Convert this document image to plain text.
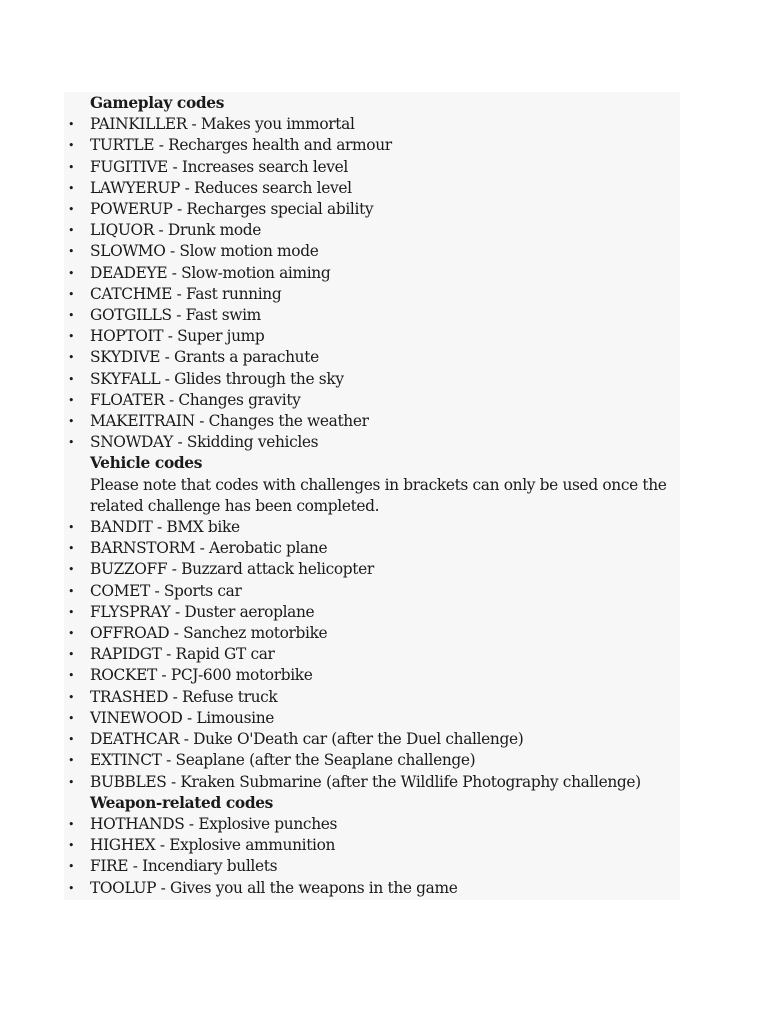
Gameplay codes
• PAINKILLER - Makes you immortal
• TURTLE - Recharges health and armour
• FUGITIVE - Increases search level
• LAWYERUP - Reduces search level
• POWERUP - Recharges special ability
• LIQUOR - Drunk mode
• SLOWMO - Slow motion mode
• DEADEYE - Slow-motion aiming
• CATCHME - Fast running
• GOTGILLS - Fast swim
• HOPTOIT - Super jump
• SKYDIVE - Grants a parachute
• SKYFALL - Glides through the sky
• FLOATER - Changes gravity
• MAKEITRAIN - Changes the weather
• SNOWDAY - Skidding vehicles
Vehicle codes
Please note that codes with challenges in brackets can only be used once the related challenge has been completed.
• BANDIT - BMX bike
• BARNSTORM - Aerobatic plane
• BUZZOFF - Buzzard attack helicopter
• COMET - Sports car
• FLYSPRAY - Duster aeroplane
• OFFROAD - Sanchez motorbike
• RAPIDGT - Rapid GT car
• ROCKET - PCJ-600 motorbike
• TRASHED - Refuse truck
• VINEWOOD - Limousine
• DEATHCAR - Duke O'Death car (after the Duel challenge)
• EXTINCT - Seaplane (after the Seaplane challenge)
• BUBBLES - Kraken Submarine (after the Wildlife Photography challenge)
Weapon-related codes
• HOTHANDS - Explosive punches
• HIGHEX - Explosive ammunition
• FIRE - Incendiary bullets
• TOOLUP - Gives you all the weapons in the game
